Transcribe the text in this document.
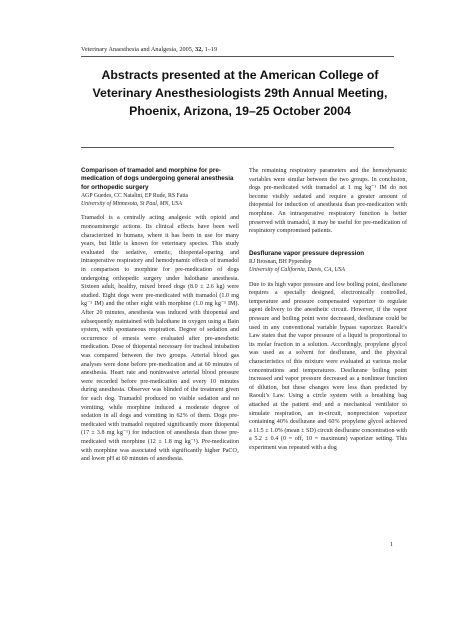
Veterinary Anaesthesia and Analgesia, 2005, 32, 1–19
Abstracts presented at the American College of Veterinary Anesthesiologists 29th Annual Meeting, Phoenix, Arizona, 19–25 October 2004

Comparison of tramadol and morphine for pre-medication of dogs undergoing general anesthesia for orthopedic surgery

AGP Guedes, CC Natalini, EP Rude, RS Fatta

University of Minnesota, St Paul, MN, USA

Tramadol is a centrally acting analgesic with opioid and monoaminergic actions. Its clinical effects have been well characterized in humans, where it has been in use for many years, but little is known for veterinary species. This study evaluated the sedative, emetic, thiopental-sparing and intraoperative respiratory and hemodynamic effects of tramadol in comparison to morphine for pre-medication of dogs undergoing orthopedic surgery under halothane anesthesia. Sixteen adult, healthy, mixed breed dogs (8.0 ± 2.6 kg) were studied. Eight dogs were pre-medicated with tramadol (1.0 mg kg⁻¹ IM) and the other eight with morphine (1.0 mg kg⁻¹ IM). After 20 minutes, anesthesia was induced with thiopental and subsequently maintained with halothane in oxygen using a Bain system, with spontaneous respiration. Degree of sedation and occurrence of emesis were evaluated after pre-anesthetic medication. Dose of thiopental necessary for tracheal intubation was compared between the two groups. Arterial blood gas analyses were done before pre-medication and at 60 minutes of anesthesia. Heart rate and noninvasive arterial blood pressure were recorded before pre-medication and every 10 minutes during anesthesia. Observer was blinded of the treatment given for each dog. Tramadol produced no visible sedation and no vomiting, while morphine induced a moderate degree of sedation in all dogs and vomiting in 62% of them. Dogs pre-medicated with tramadol required significantly more thiopental (17 ± 3.8 mg kg⁻¹) for induction of anesthesia than those pre-medicated with morphine (12 ± 1.8 mg kg⁻¹). Pre-medication with morphine was associated with significantly higher PaCO₂ and lower pH at 60 minutes of anesthesia.

The remaining respiratory parameters and the hemodynamic variables were similar between the two groups. In conclusion, dogs pre-medicated with tramadol at 1 mg kg⁻¹ IM do not become visibly sedated and require a greater amount of thiopental for induction of anesthesia than pre-medication with morphine. An intraoperative respiratory function is better preserved with tramadol, it may be useful for pre-medication of respiratory compromised patients.

Desflurane vapor pressure depression

RJ Brosnan, BH Pypendop

University of California, Davis, CA, USA

Due to its high vapor pressure and low boiling point, desflurane requires a specially designed, electronically controlled, temperature and pressure compensated vaporizer to regulate agent delivery to the anesthetic circuit. However, if the vapor pressure and boiling point were decreased, desflurane could be used in any conventional variable bypass vaporizer. Raoult’s Law states that the vapor pressure of a liquid is proportional to its molar fraction in a solution. Accordingly, propylene glycol was used as a solvent for desflurane, and the physical characteristics of this mixture were evaluated at various molar concentrations and temperatures. Desflurane boiling point increased and vapor pressure decreased as a nonlinear function of dilution, but these changes were less than predicted by Raoult’s Law. Using a circle system with a breathing bag attached at the patient end and a mechanical ventilator to simulate respiration, an in-circuit, nonprecision vaporizer containing 40% desflurane and 60% propylene glycol achieved a 11.5 ± 1.0% (mean ± SD) circuit desflurane concentration with a 5.2 ± 0.4 (0 = off, 10 = maximum) vaporizer setting. This experiment was repeated with a dog

1
